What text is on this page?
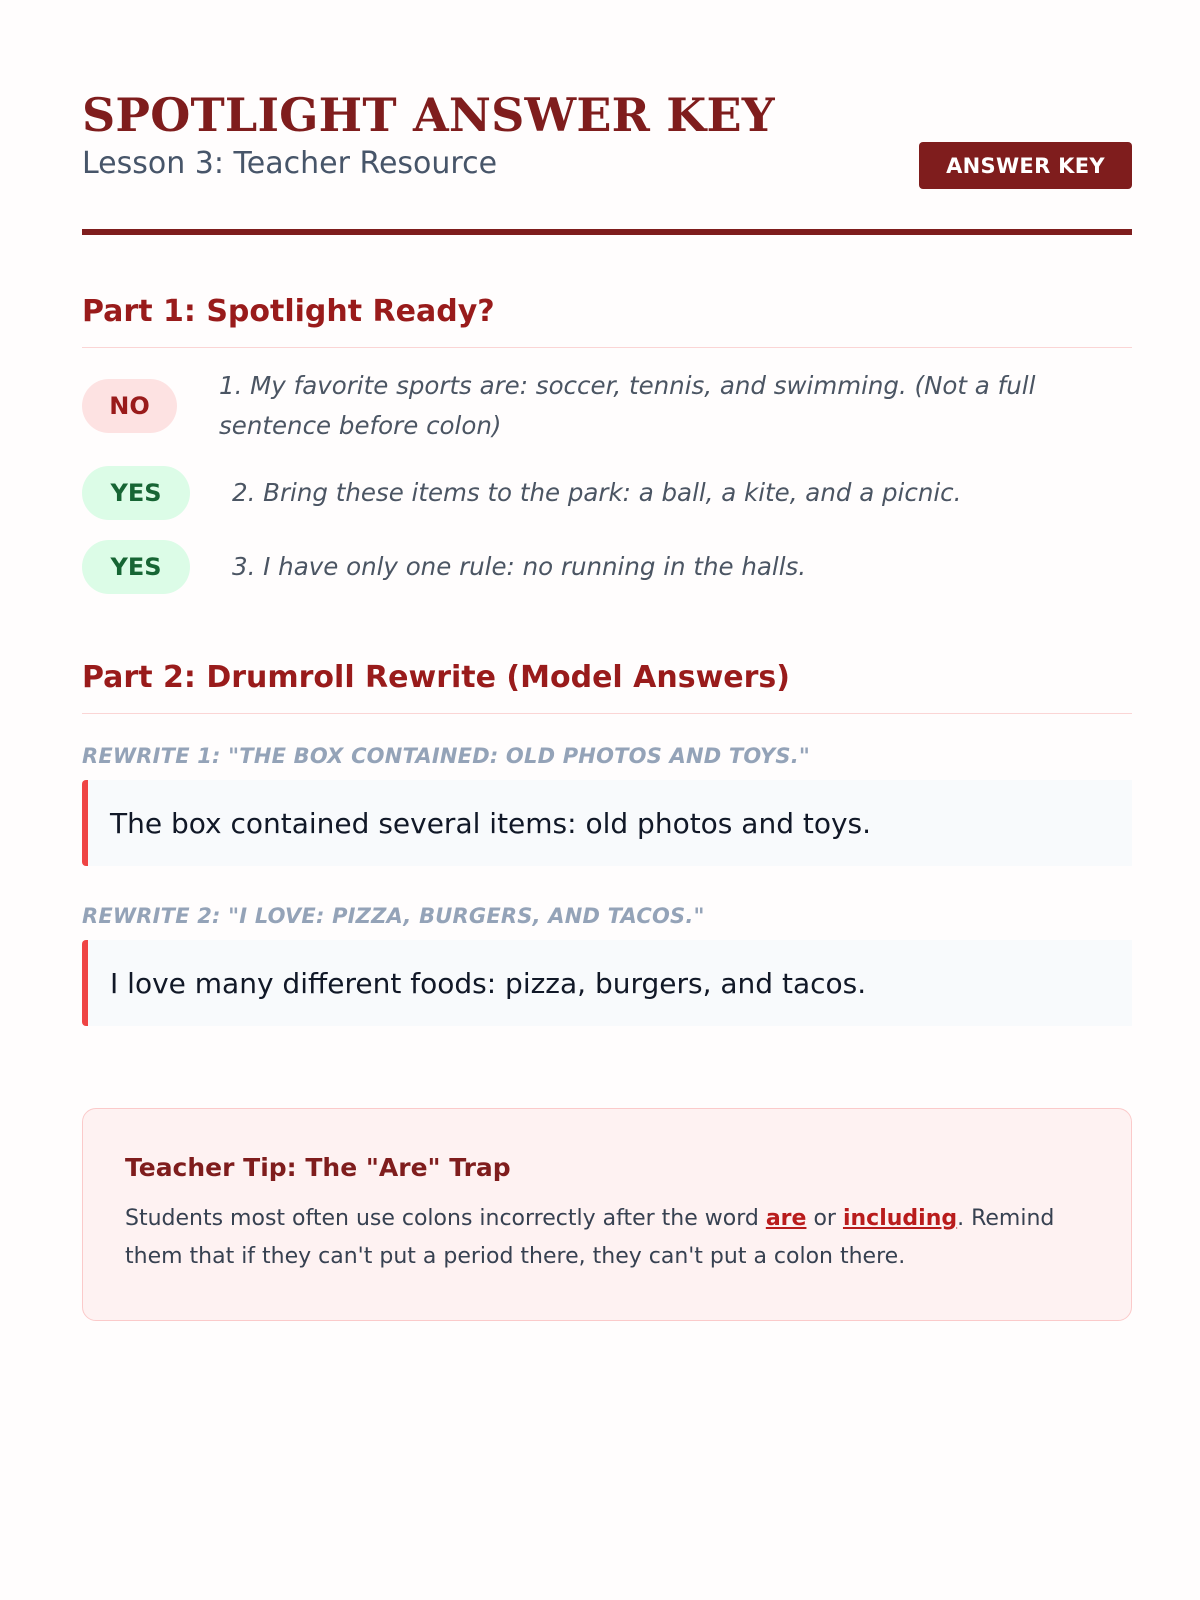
SPOTLIGHT ANSWER KEY
Lesson 3: Teacher Resource	ANSWER KEY
Part 1: Spotlight Ready?
NO
1. My favorite sports are: soccer, tennis, and swimming. (Not a full sentence before colon)
YES	2. Bring these items to the park: a ball, a kite, and a picnic.
YES	3. I have only one rule: no running in the halls.
Part 2: Drumroll Rewrite (Model Answers)
REWRITE 1: "THE BOX CONTAINED: OLD PHOTOS AND TOYS."
The box contained several items: old photos and toys.
REWRITE 2: "I LOVE: PIZZA, BURGERS, AND TACOS."
I love many different foods: pizza, burgers, and tacos.
Teacher Tip: The "Are" Trap

Students most often use colons incorrectly after the word are or including. Remind them that if they can't put a period there, they can't put a colon there.
